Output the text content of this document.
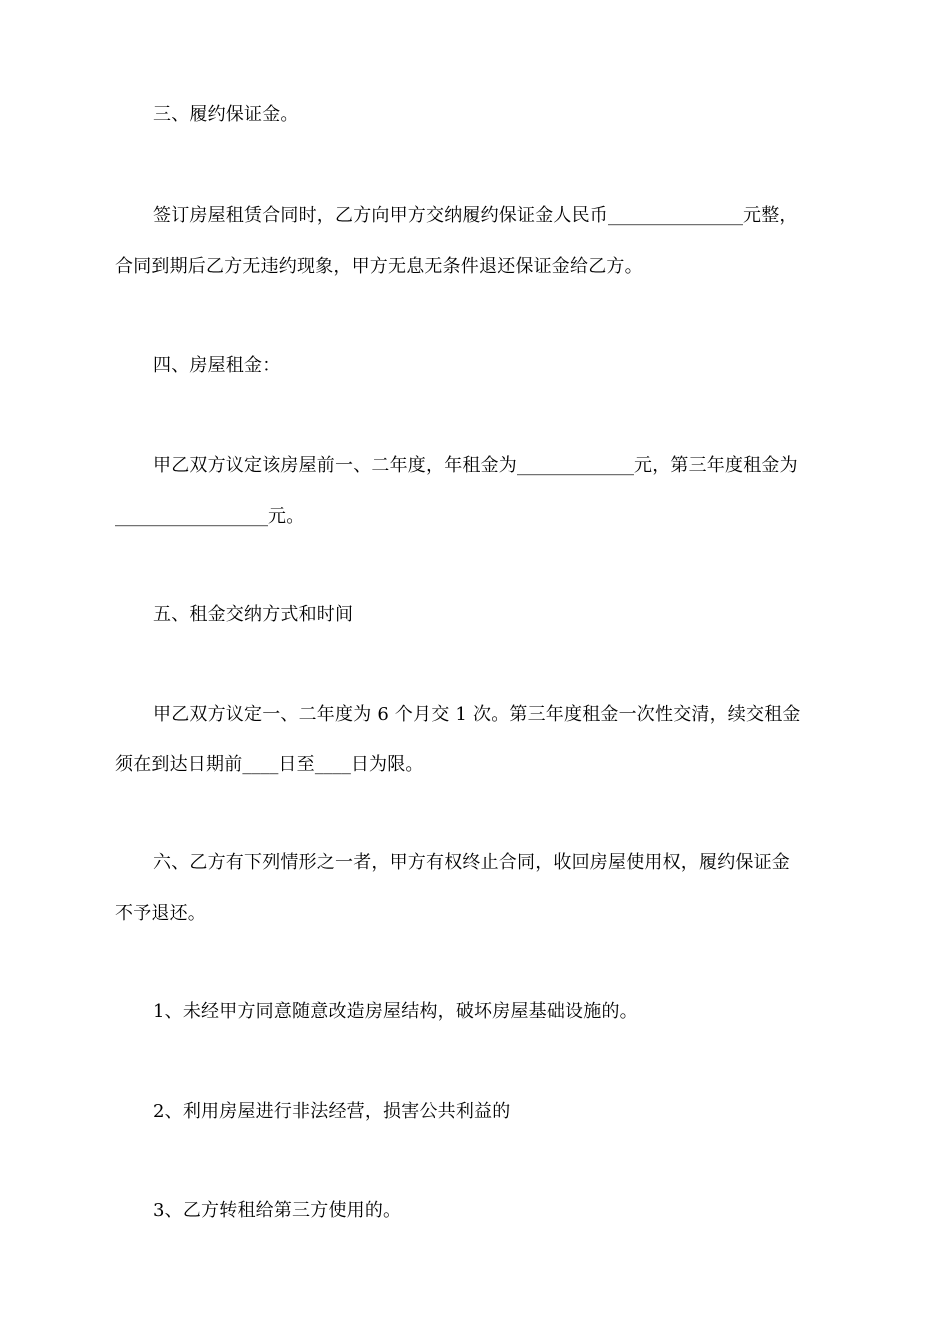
三、履约保证金。
签订房屋租赁合同时，乙方向甲方交纳履约保证金人民币_______________元整，
合同到期后乙方无违约现象，甲方无息无条件退还保证金给乙方。
四、房屋租金：
甲乙双方议定该房屋前一、二年度，年租金为_____________元，第三年度租金为
_________________元。
五、租金交纳方式和时间
甲乙双方议定一、二年度为 6 个月交 1 次。第三年度租金一次性交清，续交租金
须在到达日期前____日至____日为限。
六、乙方有下列情形之一者，甲方有权终止合同，收回房屋使用权，履约保证金
不予退还。
1、未经甲方同意随意改造房屋结构，破坏房屋基础设施的。
2、利用房屋进行非法经营，损害公共利益的
3、乙方转租给第三方使用的。
